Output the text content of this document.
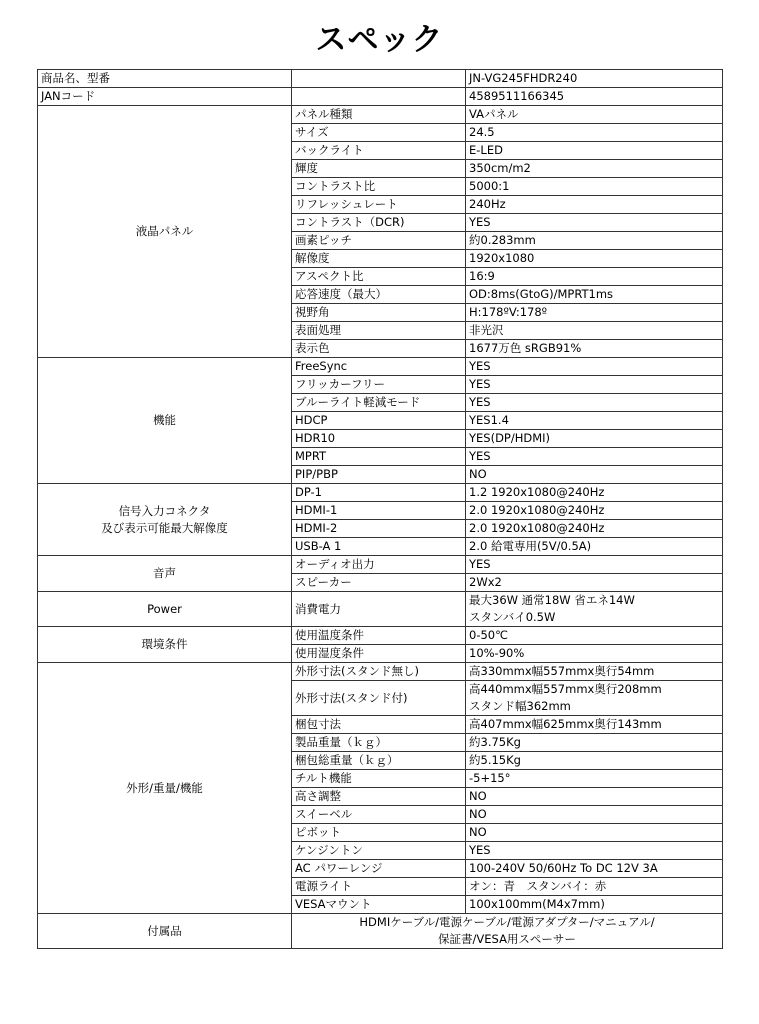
スペック
商品名、型番		JN-VG245FHDR240
JANコード		4589511166345
液晶パネル	パネル種類	VAパネル
	サイズ	24.5
	バックライト	E-LED
	輝度	350cm/m2
	コントラスト比	5000:1
	リフレッシュレート	240Hz
	コントラスト（DCR)	YES
	画素ピッチ	約0.283mm
	解像度	1920x1080
	アスペクト比	16:9
	応答速度（最大）	OD:8ms(GtoG)/MPRT1ms
	視野角	H:178ºV:178º
	表面処理	非光沢
	表示色	1677万色 sRGB91%
機能	FreeSync	YES
	フリッカーフリー	YES
	ブルーライト軽減モード	YES
	HDCP	YES1.4
	HDR10	YES(DP/HDMI)
	MPRT	YES
	PIP/PBP	NO

信号入力コネクタ
及び表示可能最大解像度	DP-1	1.2 1920x1080@240Hz
	HDMI-1	2.0 1920x1080@240Hz
	HDMI-2	2.0 1920x1080@240Hz
	USB-A 1	2.0 給電専用(5V/0.5A)
音声	オーディオ出力	YES
	スピーカー	2Wx2
Power	消費電力	最大36W 通常18W 省エネ14W
スタンバイ0.5W

環境条件	使用温度条件	0-50℃
	使用湿度条件	10%-90%
外形/重量/機能	外形寸法(スタンド無し)	高330mmx幅557mmx奥行54mm
	外形寸法(スタンド付)	高440mmx幅557mmx奥行208mm
スタンド幅362mm

	梱包寸法	高407mmx幅625mmx奥行143mm
	製品重量（ｋｇ）	約3.75Kg
	梱包総重量（ｋｇ）	約5.15Kg
	チルト機能	-5+15°
	高さ調整	NO
	スイーベル	NO
	ピボット	NO
	ケンジントン	YES
	AC パワーレンジ	100-240V 50/60Hz To DC 12V 3A
	電源ライト	オン：青　スタンバイ：赤
	VESAマウント	100x100mm(M4x7mm)
付属品	HDMIケーブル/電源ケーブル/電源アダプター/マニュアル/
保証書/VESA用スペーサー	
